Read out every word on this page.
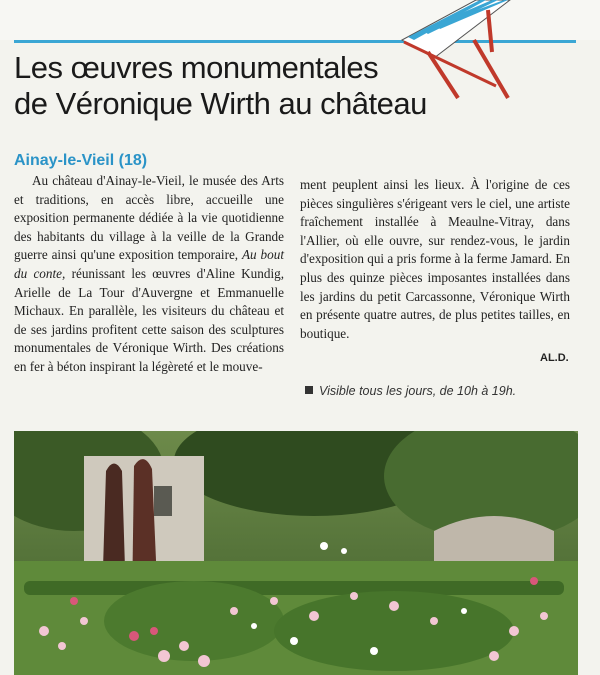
Les œuvres monumentales
de Véronique Wirth au château
Ainay-le-Vieil (18)
Au château d'Ainay-le-Vieil, le musée des Arts et traditions, en accès libre, accueille une exposition permanente dédiée à la vie quotidienne des habitants du village à la veille de la Grande guerre ainsi qu'une exposition temporaire, Au bout du conte, réunissant les œuvres d'Aline Kundig, Arielle de La Tour d'Auvergne et Emmanuelle Michaux. En parallèle, les visiteurs du château et de ses jardins profitent cette saison des sculptures monumentales de Véronique Wirth. Des créations en fer à béton inspirant la légèreté et le mouve-
ment peuplent ainsi les lieux. À l'origine de ces pièces singulières s'érigeant vers le ciel, une artiste fraîchement installée à Meaulne-Vitray, dans l'Allier, où elle ouvre, sur rendez-vous, le jardin d'exposition qui a pris forme à la ferme Jamard. En plus des quinze pièces imposantes installées dans les jardins du petit Carcassonne, Véronique Wirth en présente quatre autres, de plus petites tailles, en boutique.
AL.D.
Visible tous les jours, de 10h à 19h.
